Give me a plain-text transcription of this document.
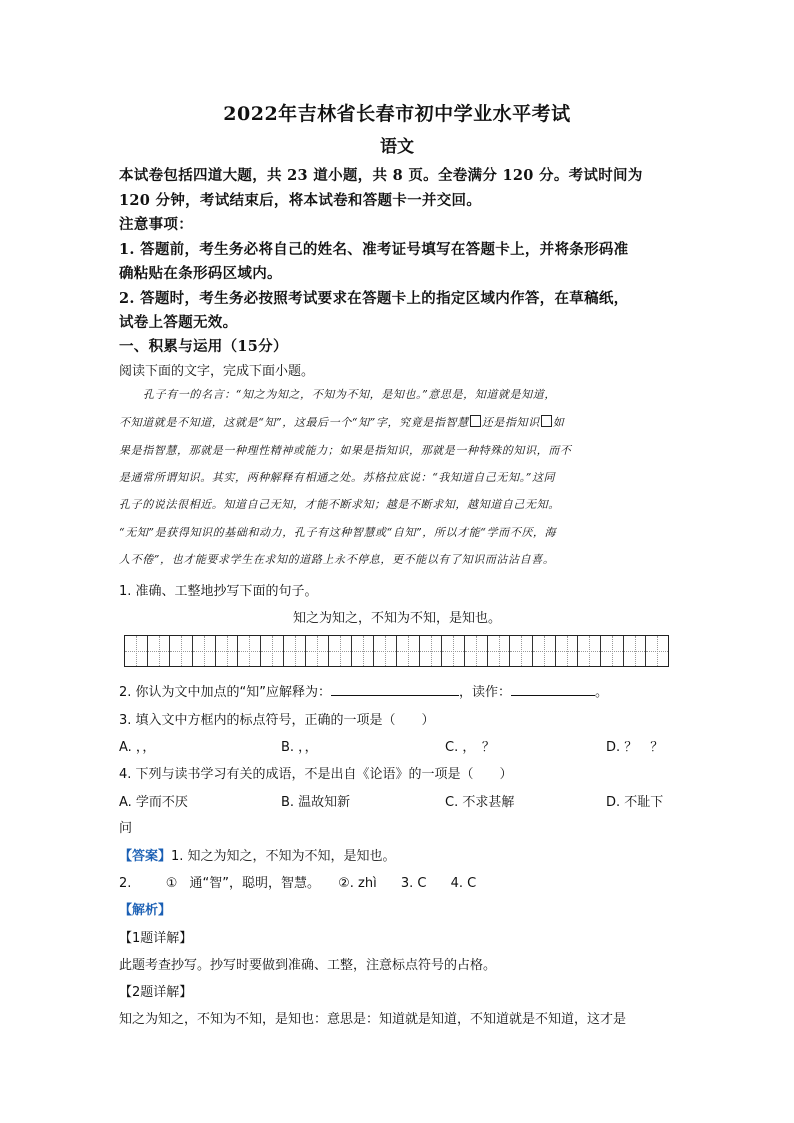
2022年吉林省长春市初中学业水平考试
语文
本试卷包括四道大题，共 23 道小题，共 8 页。全卷满分 120 分。考试时间为
120 分钟，考试结束后，将本试卷和答题卡一并交回。
注意事项：
1. 答题前，考生务必将自己的姓名、准考证号填写在答题卡上，并将条形码准
确粘贴在条形码区域内。
2. 答题时，考生务必按照考试要求在答题卡上的指定区域内作答，在草稿纸，
试卷上答题无效。
一、积累与运用（15分）
阅读下面的文字，完成下面小题。
孔子有一的名言：“知之为知之，不知为不知，是知也。”意思是，知道就是知道，
不知道就是不知道，这就是“知”，这最后一个“知”字，究竟是指智慧 还是指知识 如
果是指智慧，那就是一种理性精神或能力；如果是指知识，那就是一种特殊的知识，而不
是通常所谓知识。其实，两种解释有相通之处。苏格拉底说：“我知道自己无知。”这同
孔子的说法很相近。知道自己无知，才能不断求知；越是不断求知，越知道自己无知。
“无知”是获得知识的基础和动力，孔子有这种智慧或“自知”，所以才能“学而不厌，海
人不倦”，也才能要求学生在求知的道路上永不停息，更不能以有了知识而沾沾自喜。
1. 准确、工整地抄写下面的句子。
知之为知之，不知为不知，是知也。
2. 你认为文中加点的“知”应解释为：	，读作：	。
3. 填入文中方框内的标点符号，正确的一项是（　　）
A. ，，	B. ，，	C. ，　？	D. ？　？
4. 下列与读书学习有关的成语，不是出自《论语》的一项是（　　）
A. 学而不厌	B. 温故知新	C. 不求甚解	D. 不耻下
问
【答案】1. 知之为知之，不知为不知，是知也。
2.	① 通“智”，聪明，智慧。 ②. zhì 3. C 4. C
【解析】
【1题详解】
此题考查抄写。抄写时要做到准确、工整，注意标点符号的占格。
【2题详解】
知之为知之，不知为不知，是知也：意思是：知道就是知道，不知道就是不知道，这才是
